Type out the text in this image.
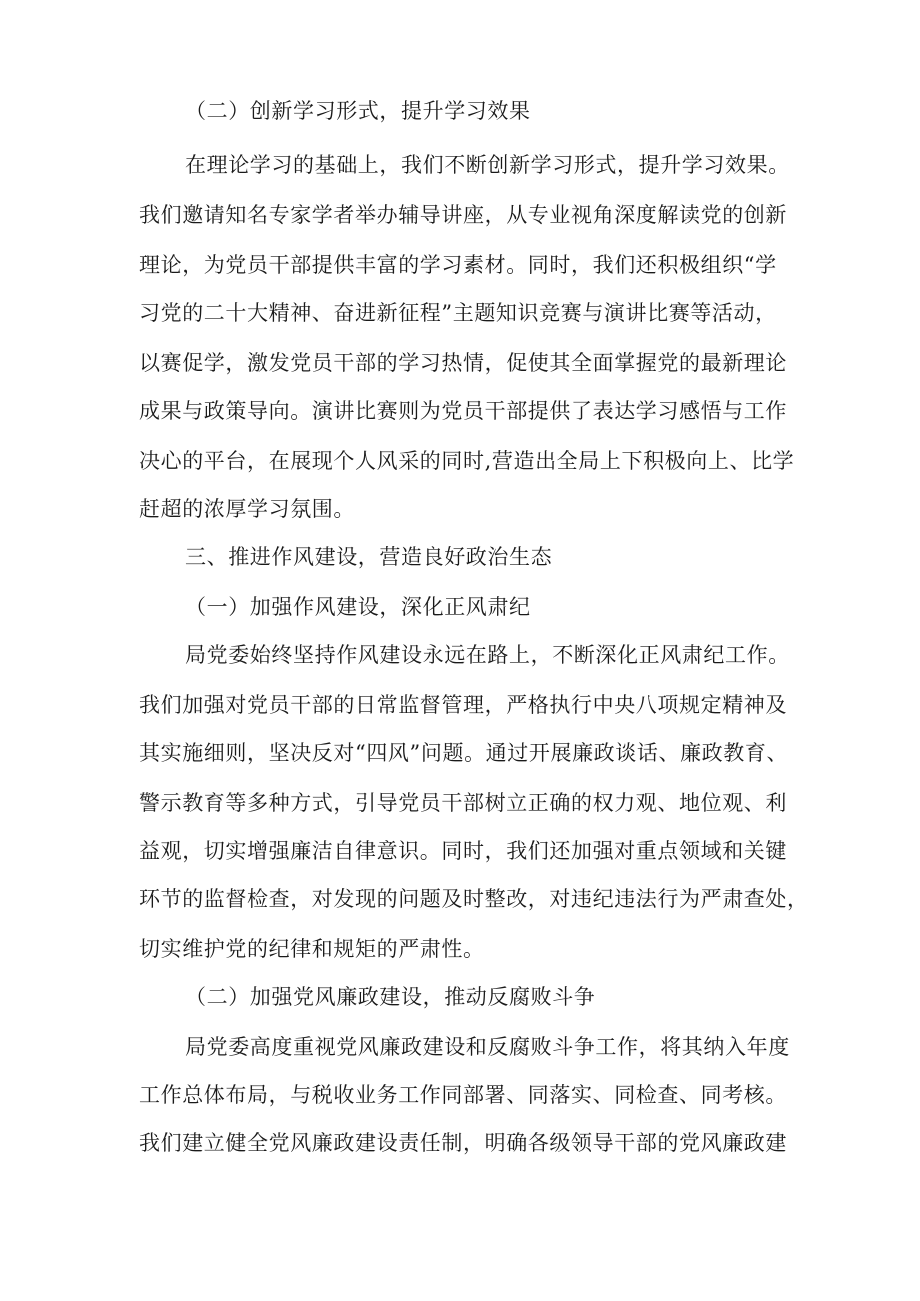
（二）创新学习形式，提升学习效果
在理论学习的基础上，我们不断创新学习形式，提升学习效果。
我们邀请知名专家学者举办辅导讲座，从专业视角深度解读党的创新
理论，为党员干部提供丰富的学习素材。同时，我们还积极组织“学
习党的二十大精神、奋进新征程”主题知识竞赛与演讲比赛等活动，
以赛促学，激发党员干部的学习热情，促使其全面掌握党的最新理论
成果与政策导向。演讲比赛则为党员干部提供了表达学习感悟与工作
决心的平台，在展现个人风采的同时,营造出全局上下积极向上、比学
赶超的浓厚学习氛围。
三、推进作风建设，营造良好政治生态
（一）加强作风建设，深化正风肃纪
局党委始终坚持作风建设永远在路上，不断深化正风肃纪工作。
我们加强对党员干部的日常监督管理，严格执行中央八项规定精神及
其实施细则，坚决反对“四风”问题。通过开展廉政谈话、廉政教育、
警示教育等多种方式，引导党员干部树立正确的权力观、地位观、利
益观，切实增强廉洁自律意识。同时，我们还加强对重点领域和关键
环节的监督检查，对发现的问题及时整改，对违纪违法行为严肃查处，
切实维护党的纪律和规矩的严肃性。
（二）加强党风廉政建设，推动反腐败斗争
局党委高度重视党风廉政建设和反腐败斗争工作，将其纳入年度
工作总体布局，与税收业务工作同部署、同落实、同检查、同考核。
我们建立健全党风廉政建设责任制，明确各级领导干部的党风廉政建
